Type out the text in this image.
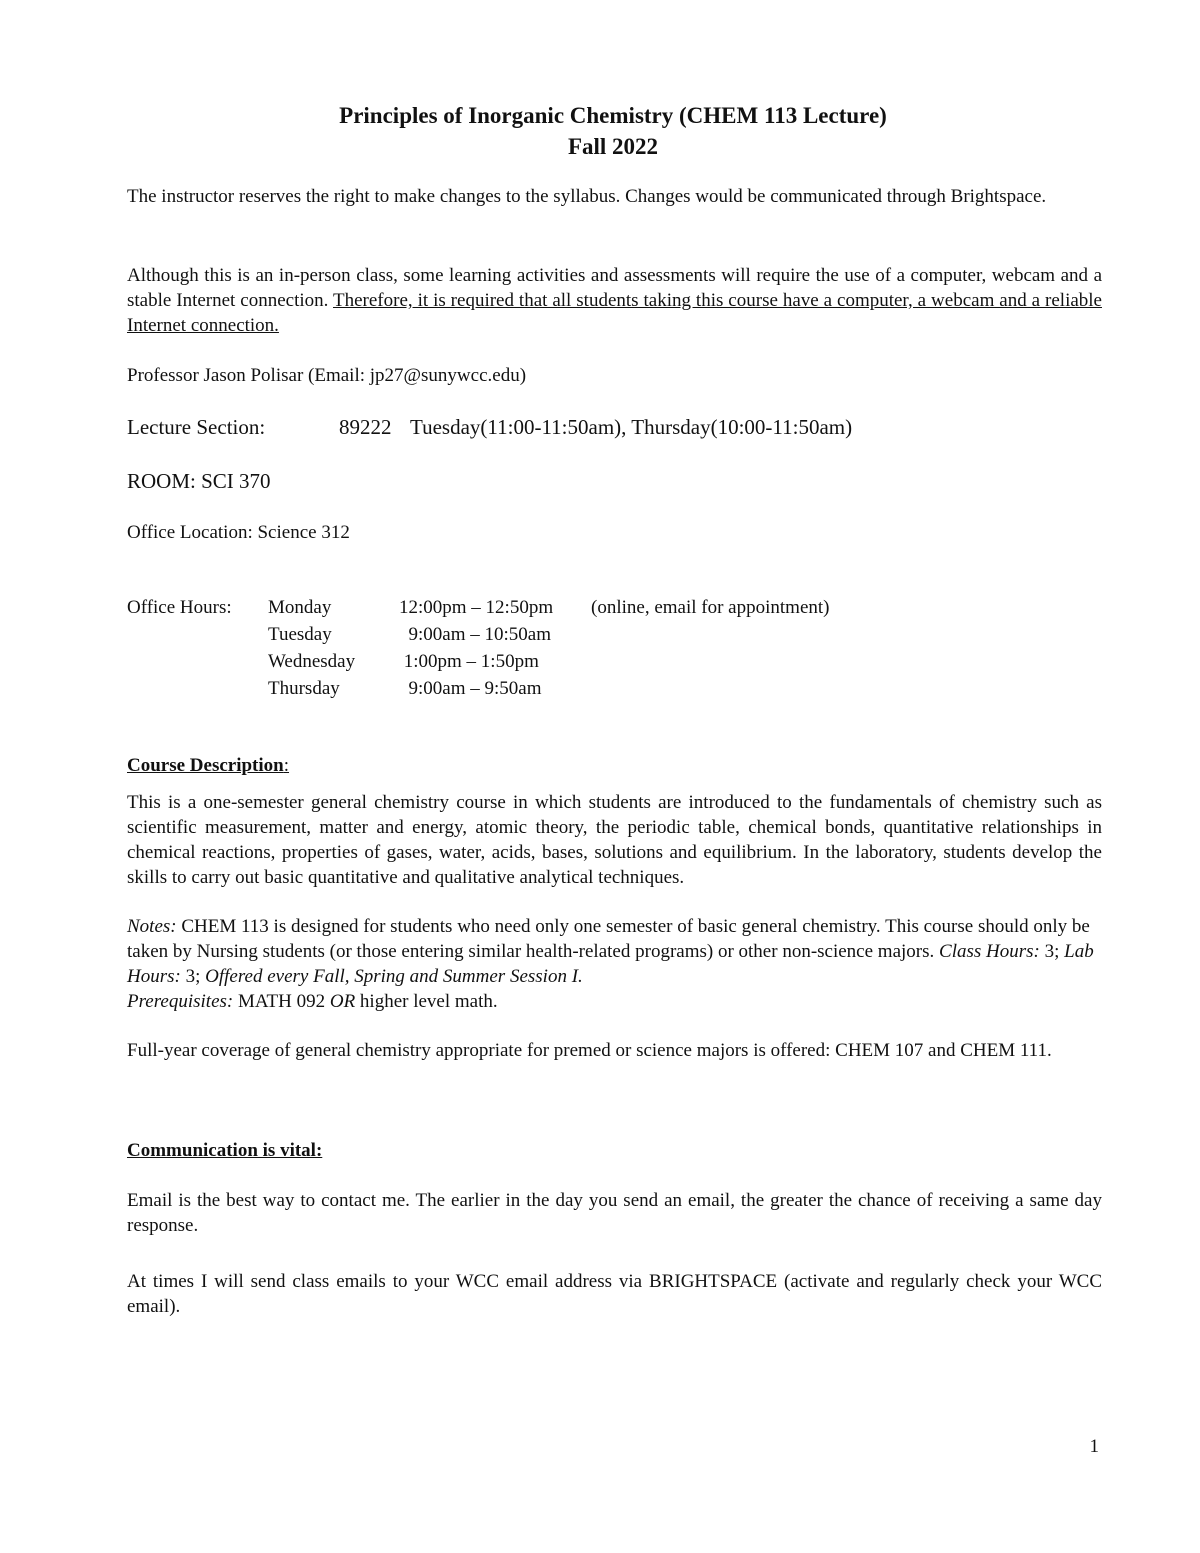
Principles of Inorganic Chemistry (CHEM 113 Lecture)
Fall 2022

The instructor reserves the right to make changes to the syllabus. Changes would be communicated through Brightspace.

Although this is an in-person class, some learning activities and assessments will require the use of a computer, webcam and a stable Internet connection. Therefore, it is required that all students taking this course have a computer, a webcam and a reliable Internet connection.

Professor Jason Polisar (Email: jp27@sunywcc.edu)

Lecture Section:	89222 Tuesday(11:00-11:50am), Thursday(10:00-11:50am)

ROOM: SCI 370

Office Location: Science 312

Office Hours: Monday	12:00pm – 12:50pm (online, email for appointment)
Tuesday	9:00am – 10:50am
Wednesday 1:00pm – 1:50pm
Thursday	9:00am – 9:50am

Course Description:

This is a one-semester general chemistry course in which students are introduced to the fundamentals of chemistry such as scientific measurement, matter and energy, atomic theory, the periodic table, chemical bonds, quantitative relationships in chemical reactions, properties of gases, water, acids, bases, solutions and equilibrium. In the laboratory, students develop the skills to carry out basic quantitative and qualitative analytical techniques.

Notes: CHEM 113 is designed for students who need only one semester of basic general chemistry. This course should only be taken by Nursing students (or those entering similar health-related programs) or other non-science majors. Class Hours: 3; Lab Hours: 3; Offered every Fall, Spring and Summer Session I.
Prerequisites: MATH 092 OR higher level math.

Full-year coverage of general chemistry appropriate for premed or science majors is offered: CHEM 107 and CHEM 111.

Communication is vital:

Email is the best way to contact me. The earlier in the day you send an email, the greater the chance of receiving a same day response.

At times I will send class emails to your WCC email address via BRIGHTSPACE (activate and regularly check your WCC email).

1
